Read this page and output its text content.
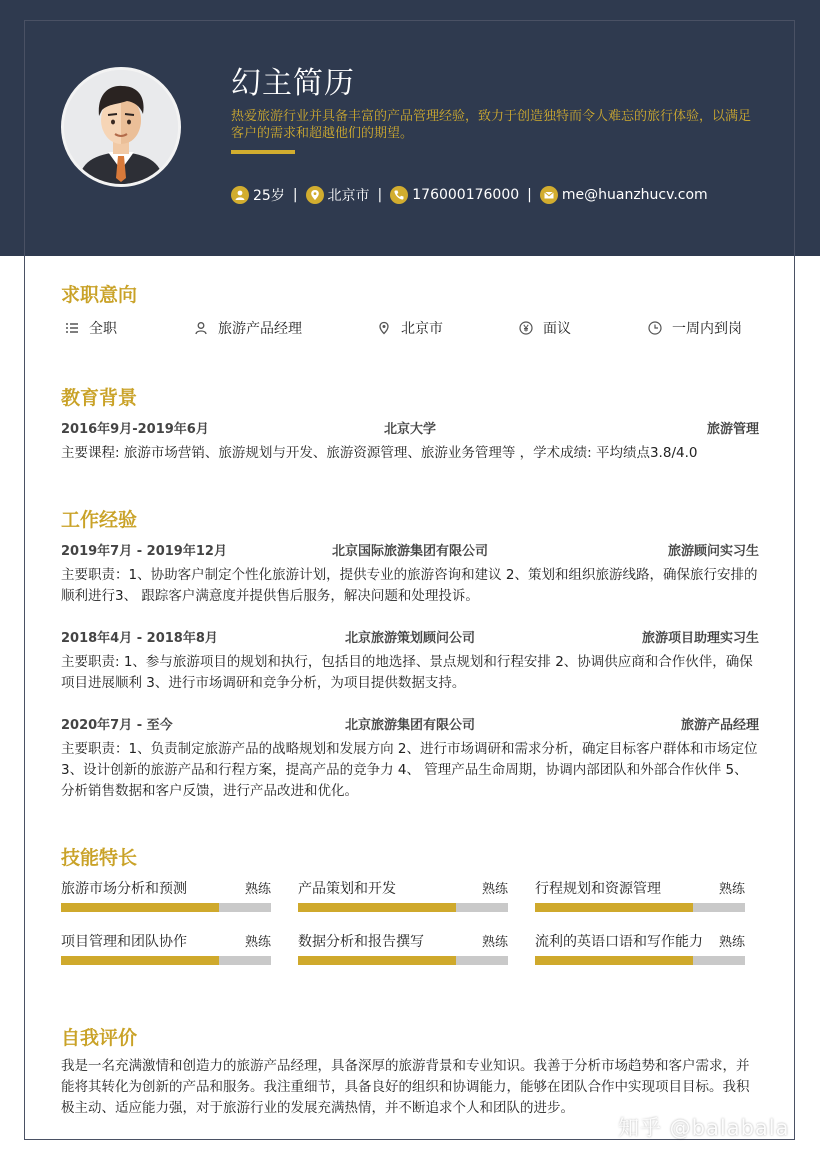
幻主简历
热爱旅游行业并具备丰富的产品管理经验，致力于创造独特而令人难忘的旅行体验，以满足客户的需求和超越他们的期望。
25岁 | 北京市 | 176000176000 | me@huanzhucv.com
求职意向
全职	旅游产品经理	北京市	面议	一周内到岗
教育背景
2016年9月-2019年6月	北京大学	旅游管理
主要课程: 旅游市场营销、旅游规划与开发、旅游资源管理、旅游业务管理等 ，学术成绩: 平均绩点3.8/4.0
工作经验
2019年7月 - 2019年12月	北京国际旅游集团有限公司	旅游顾问实习生
主要职责：1、协助客户制定个性化旅游计划，提供专业的旅游咨询和建议 2、策划和组织旅游线路，确保旅行安排的顺利进行3、 跟踪客户满意度并提供售后服务，解决问题和处理投诉。
2018年4月 - 2018年8月	北京旅游策划顾问公司	旅游项目助理实习生
主要职责: 1、参与旅游项目的规划和执行，包括目的地选择、景点规划和行程安排 2、协调供应商和合作伙伴，确保项目进展顺利 3、进行市场调研和竞争分析，为项目提供数据支持。
2020年7月 - 至今	北京旅游集团有限公司	旅游产品经理
主要职责：1、负责制定旅游产品的战略规划和发展方向 2、进行市场调研和需求分析，确定目标客户群体和市场定位 3、设计创新的旅游产品和行程方案，提高产品的竞争力 4、 管理产品生命周期，协调内部团队和外部合作伙伴 5、分析销售数据和客户反馈，进行产品改进和优化。
技能特长
旅游市场分析和预测	熟练 产品策划和开发	熟练 行程规划和资源管理	熟练
项目管理和团队协作	熟练 数据分析和报告撰写	熟练 流利的英语口语和写作能力 熟练
自我评价
我是一名充满激情和创造力的旅游产品经理，具备深厚的旅游背景和专业知识。我善于分析市场趋势和客户需求，并能将其转化为创新的产品和服务。我注重细节，具备良好的组织和协调能力，能够在团队合作中实现项目目标。我积极主动、适应能力强，对于旅游行业的发展充满热情，并不断追求个人和团队的进步。
知乎 @balabala
